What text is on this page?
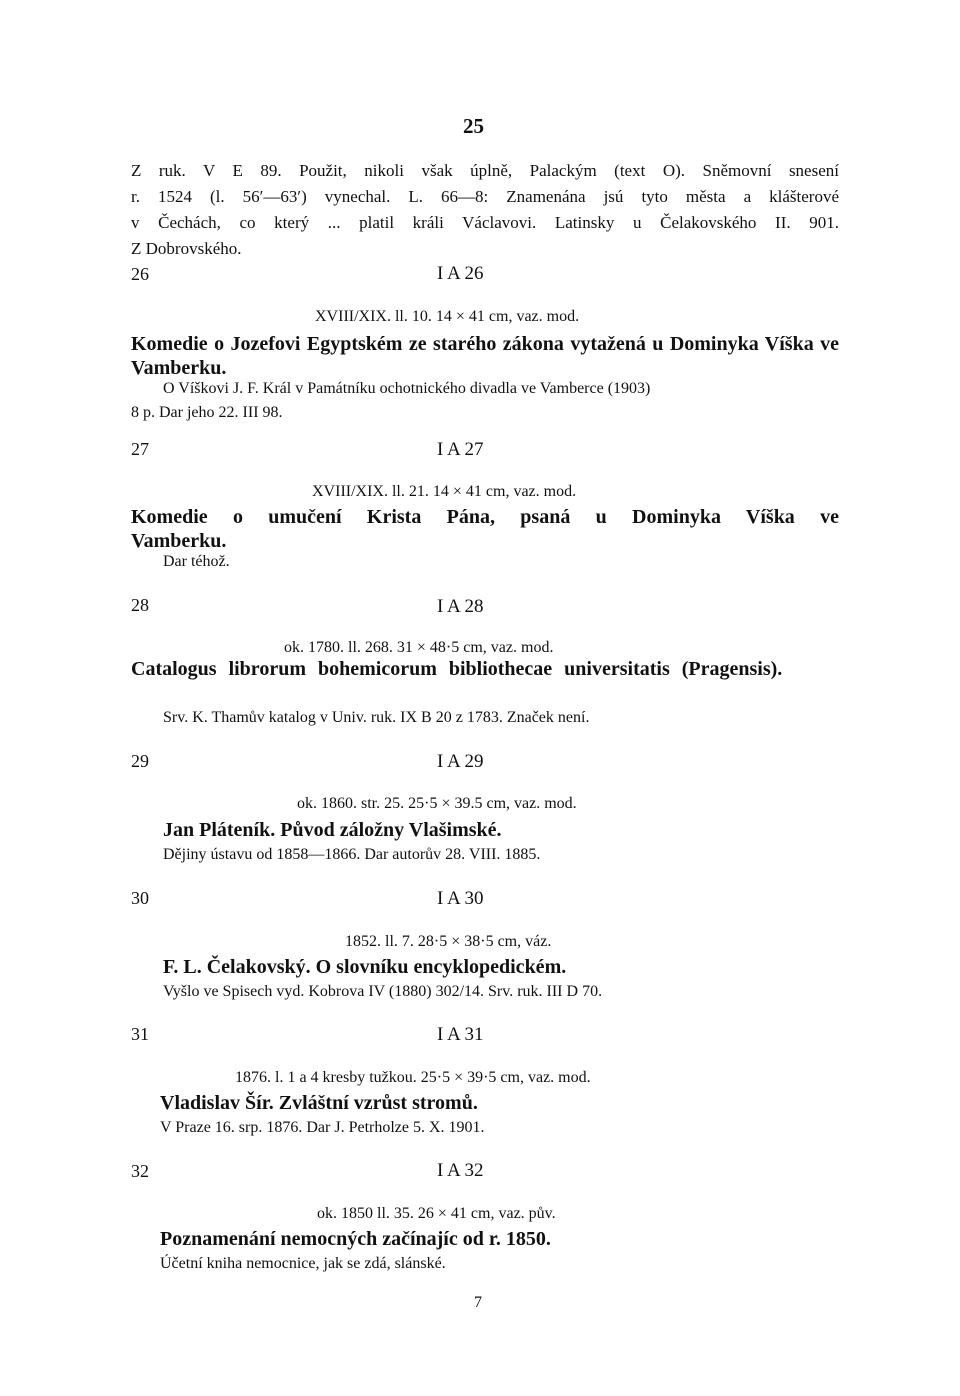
25
Z ruk. V E 89. Použit, nikoli však úplně, Palackým (text O). Sněmovní snesení
r. 1524 (l. 56′—63′) vynechal. L. 66—8: Znamenána jsú tyto města a klášterové
v Čechách, co který ... platil králi Václavovi. Latinsky u Čelakovského II. 901.
Z Dobrovského.
26	I A 26
XVIII/XIX. ll. 10. 14 × 41 cm, vaz. mod.
Komedie o Jozefovi Egyptském ze starého zákona vytažená u Dominyka Víška ve Vamberku.
O Víškovi J. F. Král v Památníku ochotnického divadla ve Vamberce (1903)
8 p. Dar jeho 22. III 98.
27	I A 27
XVIII/XIX. ll. 21. 14 × 41 cm, vaz. mod.
Komedie o umučení Krista Pána, psaná u Dominyka Víška ve Vamberku.
Dar téhož.
28	I A 28
ok. 1780. ll. 268. 31 × 48·5 cm, vaz. mod.
Catalogus librorum bohemicorum bibliothecae universitatis (Pragensis).
Srv. K. Thamův katalog v Univ. ruk. IX B 20 z 1783. Značek není.
29	I A 29
ok. 1860. str. 25. 25·5 × 39.5 cm, vaz. mod.
Jan Pláteník. Původ záložny Vlašimské.
Dějiny ústavu od 1858—1866. Dar autorův 28. VIII. 1885.
30	I A 30
1852. ll. 7. 28·5 × 38·5 cm, váz.
F. L. Čelakovský. O slovníku encyklopedickém.
Vyšlo ve Spisech vyd. Kobrova IV (1880) 302/14. Srv. ruk. III D 70.
31	I A 31
1876. l. 1 a 4 kresby tužkou. 25·5 × 39·5 cm, vaz. mod.
Vladislav Šír. Zvláštní vzrůst stromů.
V Praze 16. srp. 1876. Dar J. Petrholze 5. X. 1901.
32	I A 32
ok. 1850 ll. 35. 26 × 41 cm, vaz. pův.
Poznamenání nemocných začínajíc od r. 1850.
Účetní kniha nemocnice, jak se zdá, slánské.
7
